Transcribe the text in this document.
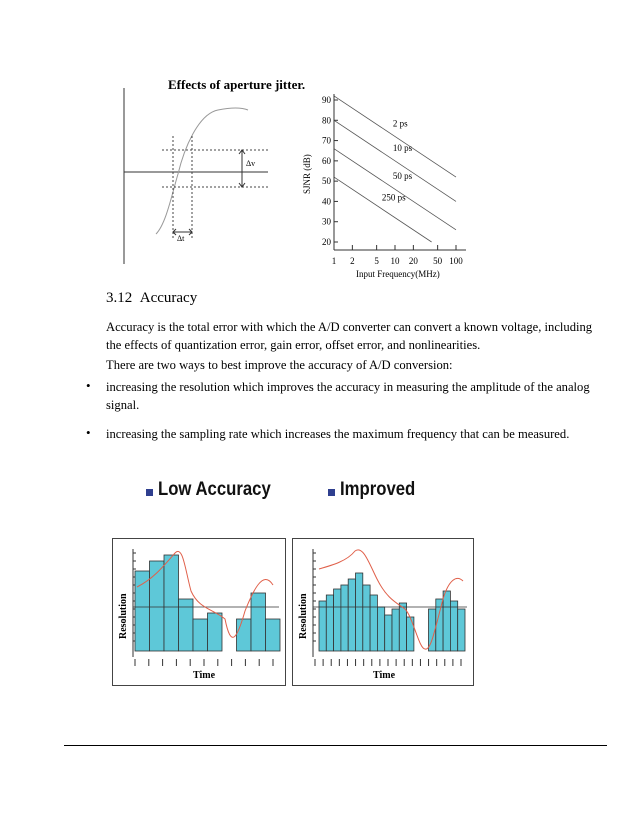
Effects of aperture jitter.
Δv
Δt	20
30
40
50
60
70
80
90
1 2 5 10 20 50 100
2 ps
10 ps
50 ps
250 ps
Input Frequency(MHz)
SJNR (dB)
3.12 Accuracy
Accuracy is the total error with which the A/D converter can convert a known voltage, including the effects of quantization error, gain error, offset error, and nonlinearities.
There are two ways to best improve the accuracy of A/D conversion:
• increasing the resolution which improves the accuracy in measuring the amplitude of the analog signal.
• increasing the sampling rate which increases the maximum frequency that can be measured.
Low Accuracy	Improved
Resolution
Time
Resolution
Time
